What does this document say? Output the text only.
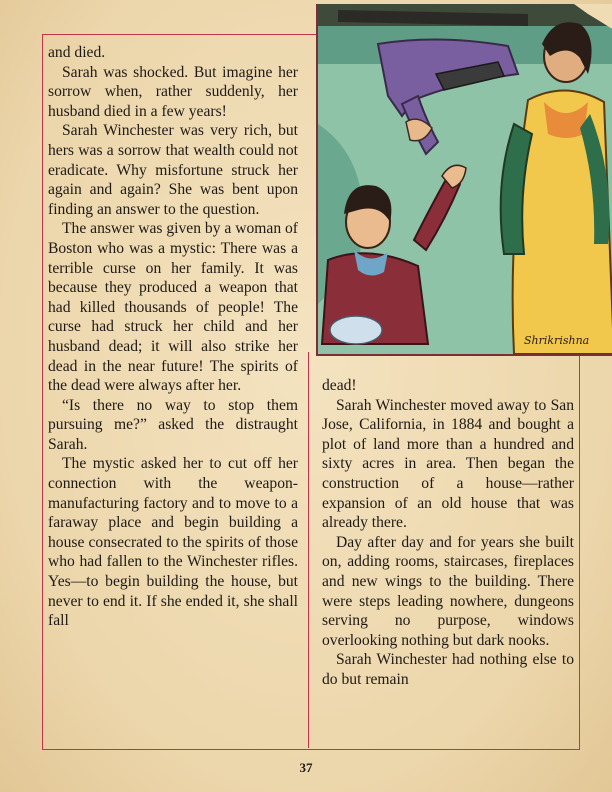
and died.

Sarah was shocked. But imagine her sorrow when, rather suddenly, her husband died in a few years!

Sarah Winchester was very rich, but hers was a sorrow that wealth could not eradicate. Why misfortune struck her again and again? She was bent upon finding an answer to the question.

The answer was given by a woman of Boston who was a mystic: There was a terrible curse on her family. It was because they produced a weapon that had killed thousands of people! The curse had struck her child and her husband dead; it will also strike her dead in the near future! The spirits of the dead were always after her.

“Is there no way to stop them pursuing me?” asked the distraught Sarah.

The mystic asked her to cut off her connection with the weapon-manufacturing factory and to move to a faraway place and begin building a house consecrated to the spirits of those who had fallen to the Winchester rifles. Yes—to begin building the house, but never to end it. If she ended it, she shall fall

Shrikrishna

dead!

Sarah Winchester moved away to San Jose, California, in 1884 and bought a plot of land more than a hundred and sixty acres in area. Then began the construction of a house—rather expansion of an old house that was already there.

Day after day and for years she built on, adding rooms, staircases, fireplaces and new wings to the building. There were steps leading nowhere, dungeons serving no purpose, windows overlooking nothing but dark nooks.

Sarah Winchester had nothing else to do but remain

37
